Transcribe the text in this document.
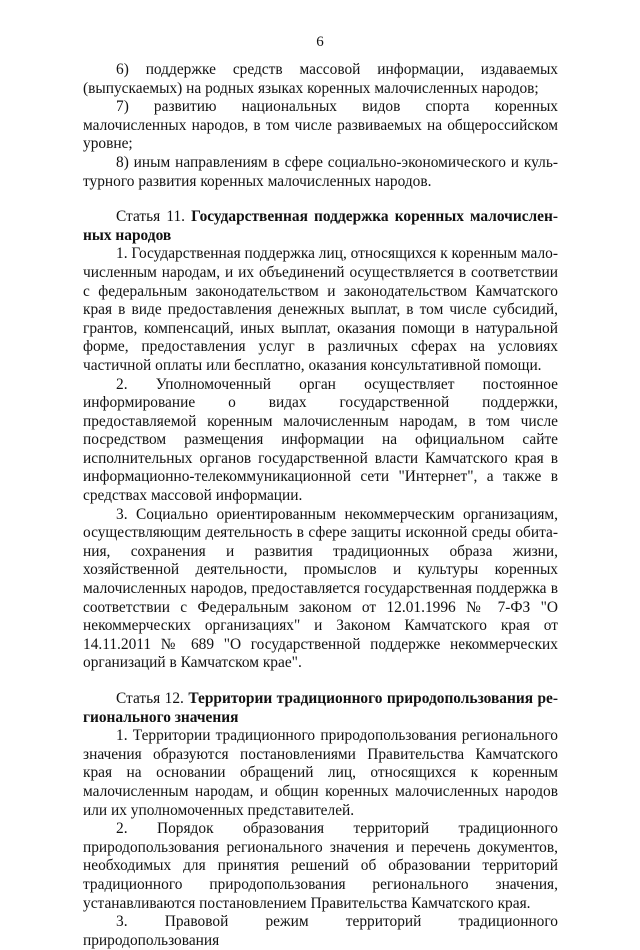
6

6) поддержке средств массовой информации, издаваемых (выпускаемых) на родных языках коренных малочисленных народов;

7) развитию национальных видов спорта коренных малочисленных народов, в том числе развиваемых на общероссийском уровне;

8) иным направлениям в сфере социально-экономического и культурного развития коренных малочисленных народов.

Статья 11. Государственная поддержка коренных малочисленных народов

1. Государственная поддержка лиц, относящихся к коренным малочисленным народам, и их объединений осуществляется в соответствии с федеральным законодательством и законодательством Камчатского края в виде предоставления денежных выплат, в том числе субсидий, грантов, компенсаций, иных выплат, оказания помощи в натуральной форме, предоставления услуг в различных сферах на условиях частичной оплаты или бесплатно, оказания консультативной помощи.

2. Уполномоченный орган осуществляет постоянное информирование о видах государственной поддержки, предоставляемой коренным малочисленным народам, в том числе посредством размещения информации на официальном сайте исполнительных органов государственной власти Камчатского края в информационно-телекоммуникационной сети "Интернет", а также в средствах массовой информации.

3. Социально ориентированным некоммерческим организациям, осуществляющим деятельность в сфере защиты исконной среды обитания, сохранения и развития традиционных образа жизни, хозяйственной деятельности, промыслов и культуры коренных малочисленных народов, предоставляется государственная поддержка в соответствии с Федеральным законом от 12.01.1996 № 7-ФЗ "О некоммерческих организациях" и Законом Камчатского края от 14.11.2011 № 689 "О государственной поддержке некоммерческих организаций в Камчатском крае".

Статья 12. Территории традиционного природопользования регионального значения

1. Территории традиционного природопользования регионального значения образуются постановлениями Правительства Камчатского края на основании обращений лиц, относящихся к коренным малочисленным народам, и общин коренных малочисленных народов или их уполномоченных представителей.

2. Порядок образования территорий традиционного природопользования регионального значения и перечень документов, необходимых для принятия решений об образовании территорий традиционного природопользования регионального значения, устанавливаются постановлением Правительства Камчатского края.

3. Правовой режим территорий традиционного природопользования
